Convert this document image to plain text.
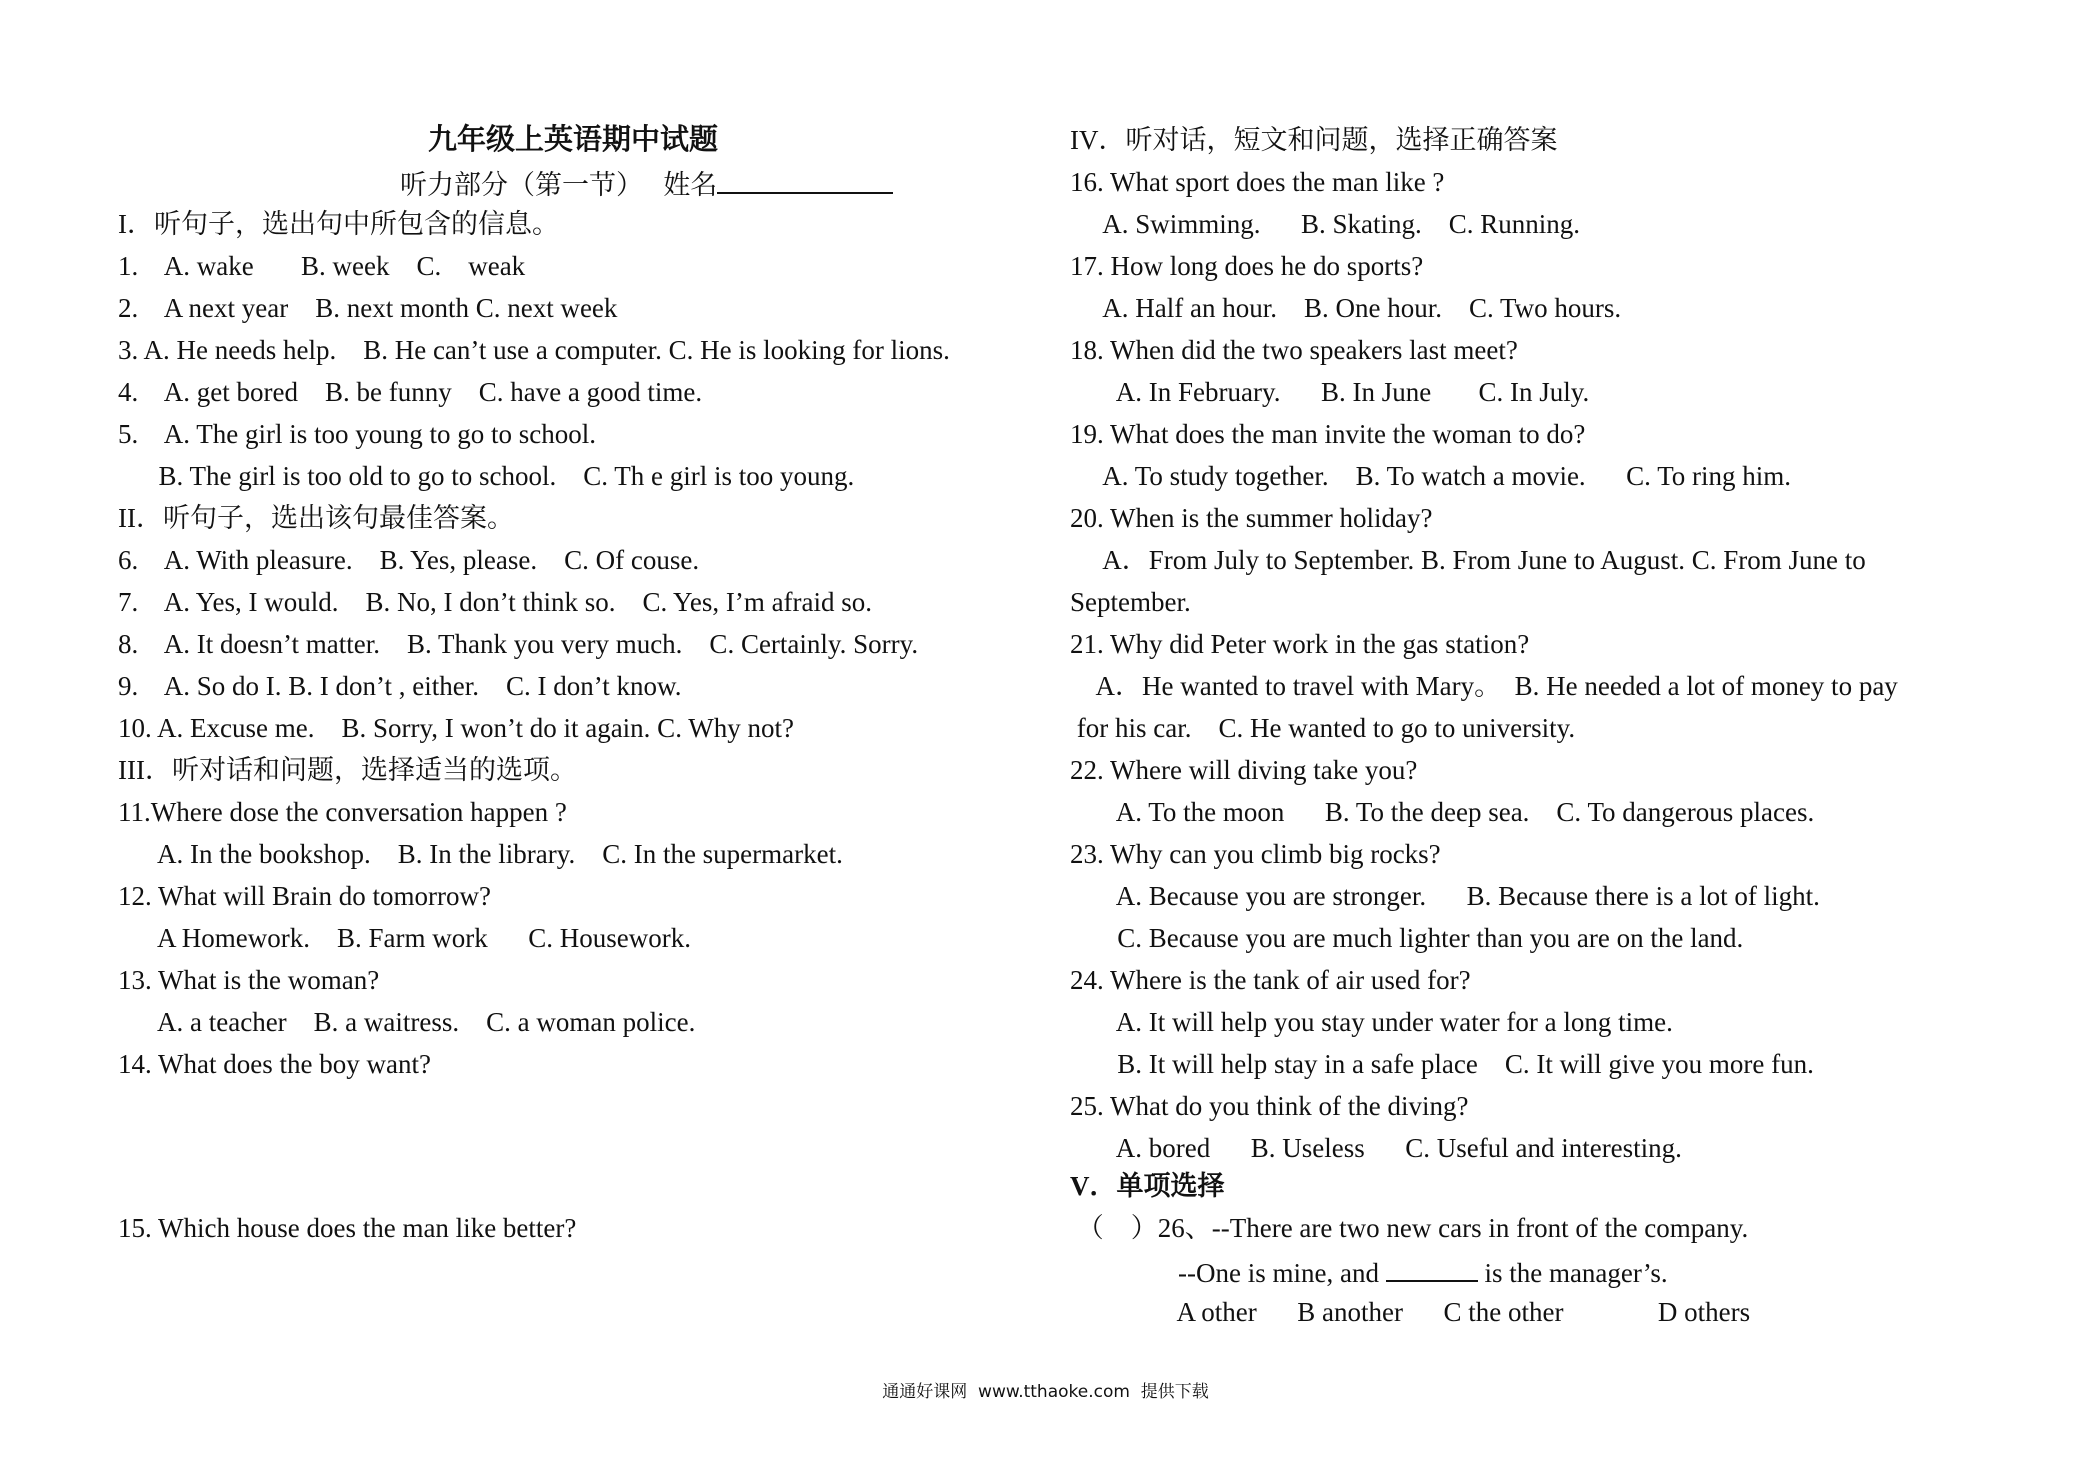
九年级上英语期中试题
听力部分（第一节）   姓名
I．听句子，选出句中所包含的信息。
1.    A. wake       B. week    C.    weak
2.    A next year    B. next month C. next week
3. A. He needs help.    B. He can’t use a computer. C. He is looking for lions.
4.    A. get bored    B. be funny    C. have a good time.
5.    A. The girl is too young to go to school.
B. The girl is too old to go to school.    C. Th e girl is too young.
II．听句子，选出该句最佳答案。
6.    A. With pleasure.    B. Yes, please.    C. Of couse.
7.    A. Yes, I would.    B. No, I don’t think so.    C. Yes, I’m afraid so.
8.    A. It doesn’t matter.    B. Thank you very much.    C. Certainly. Sorry.
9.    A. So do I. B. I don’t , either.    C. I don’t know.
10. A. Excuse me.    B. Sorry, I won’t do it again. C. Why not?
III．听对话和问题，选择适当的选项。
11.Where dose the conversation happen ?
A. In the bookshop.    B. In the library.    C. In the supermarket.
12. What will Brain do tomorrow?
A Homework.    B. Farm work      C. Housework.
13. What is the woman?
A. a teacher    B. a waitress.    C. a woman police.
14. What does the boy want?
15. Which house does the man like better?
IV．听对话，短文和问题，选择正确答案
16. What sport does the man like ?
A. Swimming.      B. Skating.    C. Running.
17. How long does he do sports?
A. Half an hour.    B. One hour.    C. Two hours.
18. When did the two speakers last meet?
A. In February.      B. In June       C. In July.
19. What does the man invite the woman to do?
A. To study together.    B. To watch a movie.      C. To ring him.
20. When is the summer holiday?
A．From July to September. B. From June to August. C. From June to
September.
21. Why did Peter work in the gas station?
A．He wanted to travel with Mary。  B. He needed a lot of money to pay
for his car.    C. He wanted to go to university.
22. Where will diving take you?
A. To the moon      B. To the deep sea.    C. To dangerous places.
23. Why can you climb big rocks?
A. Because you are stronger.      B. Because there is a lot of light.
C. Because you are much lighter than you are on the land.
24. Where is the tank of air used for?
A. It will help you stay under water for a long time.
B. It will help stay in a safe place    C. It will give you more fun.
25. What do you think of the diving?
A. bored      B. Useless      C. Useful and interesting.
V．单项选择
（    ）26、--There are two new cars in front of the company.
--One is mine, and	is the manager’s.
A other      B another      C the other              D others
通通好课网  www.tthaoke.com  提供下载
